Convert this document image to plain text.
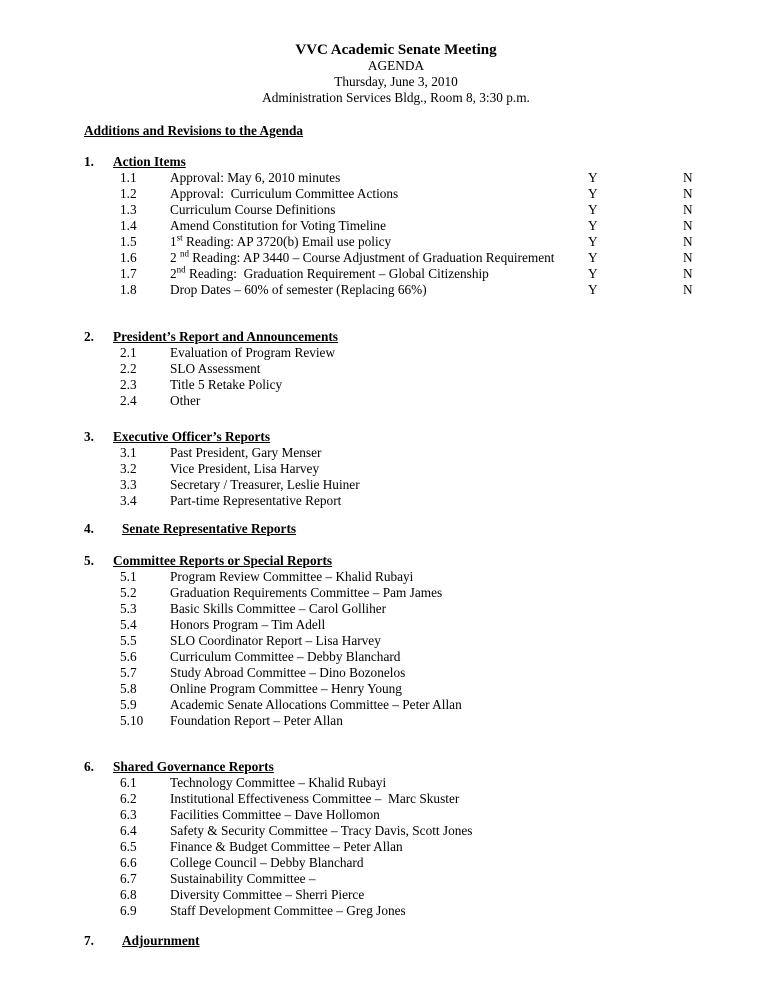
VVC Academic Senate Meeting
AGENDA
Thursday, June 3, 2010
Administration Services Bldg., Room 8, 3:30 p.m.
Additions and Revisions to the Agenda
1.	Action Items
1.1	Approval: May 6, 2010 minutes	Y	N
1.2	Approval:  Curriculum Committee Actions	Y	N
1.3	Curriculum Course Definitions	Y	N
1.4	Amend Constitution for Voting Timeline	Y	N
1.5	1st Reading: AP 3720(b) Email use policy	Y	N
1.6	2 $^{nd}$ Reading: AP 3440 – Course Adjustment of Graduation Requirement	Y	N
1.7	2nd Reading:  Graduation Requirement – Global Citizenship	Y	N
1.8	Drop Dates – 60% of semester (Replacing 66%)	Y	N
2.	President’s Report and Announcements
2.1	Evaluation of Program Review
2.2	SLO Assessment
2.3	Title 5 Retake Policy
2.4	Other
3.	Executive Officer’s Reports
3.1	Past President, Gary Menser
3.2	Vice President, Lisa Harvey
3.3	Secretary / Treasurer, Leslie Huiner
3.4	Part-time Representative Report
4.	Senate Representative Reports
5.	Committee Reports or Special Reports
5.1	Program Review Committee – Khalid Rubayi
5.2	Graduation Requirements Committee – Pam James
5.3	Basic Skills Committee – Carol Golliher
5.4	Honors Program – Tim Adell
5.5	SLO Coordinator Report – Lisa Harvey
5.6	Curriculum Committee – Debby Blanchard
5.7	Study Abroad Committee – Dino Bozonelos
5.8	Online Program Committee – Henry Young
5.9	Academic Senate Allocations Committee – Peter Allan
5.10 Foundation Report – Peter Allan
6.	Shared Governance Reports
6.1	Technology Committee – Khalid Rubayi
6.2	Institutional Effectiveness Committee –  Marc Skuster
6.3	Facilities Committee – Dave Hollomon
6.4	Safety & Security Committee – Tracy Davis, Scott Jones
6.5	Finance & Budget Committee – Peter Allan
6.6	College Council – Debby Blanchard
6.7	Sustainability Committee –
6.8	Diversity Committee – Sherri Pierce
6.9	Staff Development Committee – Greg Jones
7.	Adjournment
